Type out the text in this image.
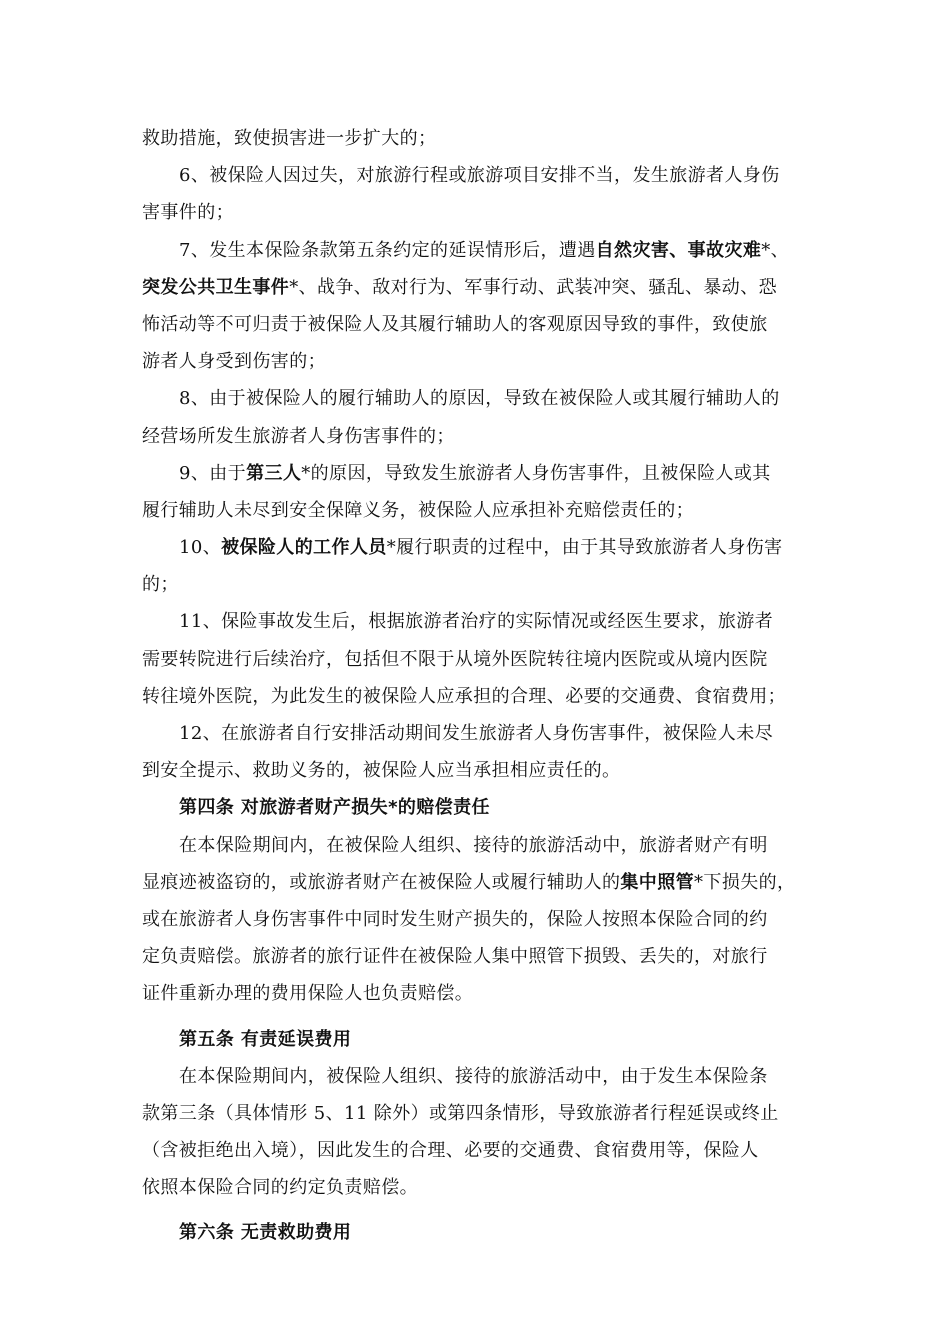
救助措施，致使损害进一步扩大的；
6、被保险人因过失，对旅游行程或旅游项目安排不当，发生旅游者人身伤
害事件的；
7、发生本保险条款第五条约定的延误情形后，遭遇自然灾害、事故灾难*、
突发公共卫生事件*、战争、敌对行为、军事行动、武装冲突、骚乱、暴动、恐
怖活动等不可归责于被保险人及其履行辅助人的客观原因导致的事件，致使旅
游者人身受到伤害的；
8、由于被保险人的履行辅助人的原因，导致在被保险人或其履行辅助人的
经营场所发生旅游者人身伤害事件的；
9、由于第三人*的原因，导致发生旅游者人身伤害事件，且被保险人或其
履行辅助人未尽到安全保障义务，被保险人应承担补充赔偿责任的；
10、被保险人的工作人员*履行职责的过程中，由于其导致旅游者人身伤害
的；
11、保险事故发生后，根据旅游者治疗的实际情况或经医生要求，旅游者
需要转院进行后续治疗，包括但不限于从境外医院转往境内医院或从境内医院
转往境外医院，为此发生的被保险人应承担的合理、必要的交通费、食宿费用；
12、在旅游者自行安排活动期间发生旅游者人身伤害事件，被保险人未尽
到安全提示、救助义务的，被保险人应当承担相应责任的。
第四条 对旅游者财产损失*的赔偿责任
在本保险期间内，在被保险人组织、接待的旅游活动中，旅游者财产有明
显痕迹被盗窃的，或旅游者财产在被保险人或履行辅助人的集中照管*下损失的，
或在旅游者人身伤害事件中同时发生财产损失的，保险人按照本保险合同的约
定负责赔偿。旅游者的旅行证件在被保险人集中照管下损毁、丢失的，对旅行
证件重新办理的费用保险人也负责赔偿。
第五条 有责延误费用
在本保险期间内，被保险人组织、接待的旅游活动中，由于发生本保险条
款第三条（具体情形 5、11 除外）或第四条情形，导致旅游者行程延误或终止
（含被拒绝出入境），因此发生的合理、必要的交通费、食宿费用等，保险人
依照本保险合同的约定负责赔偿。
第六条 无责救助费用
